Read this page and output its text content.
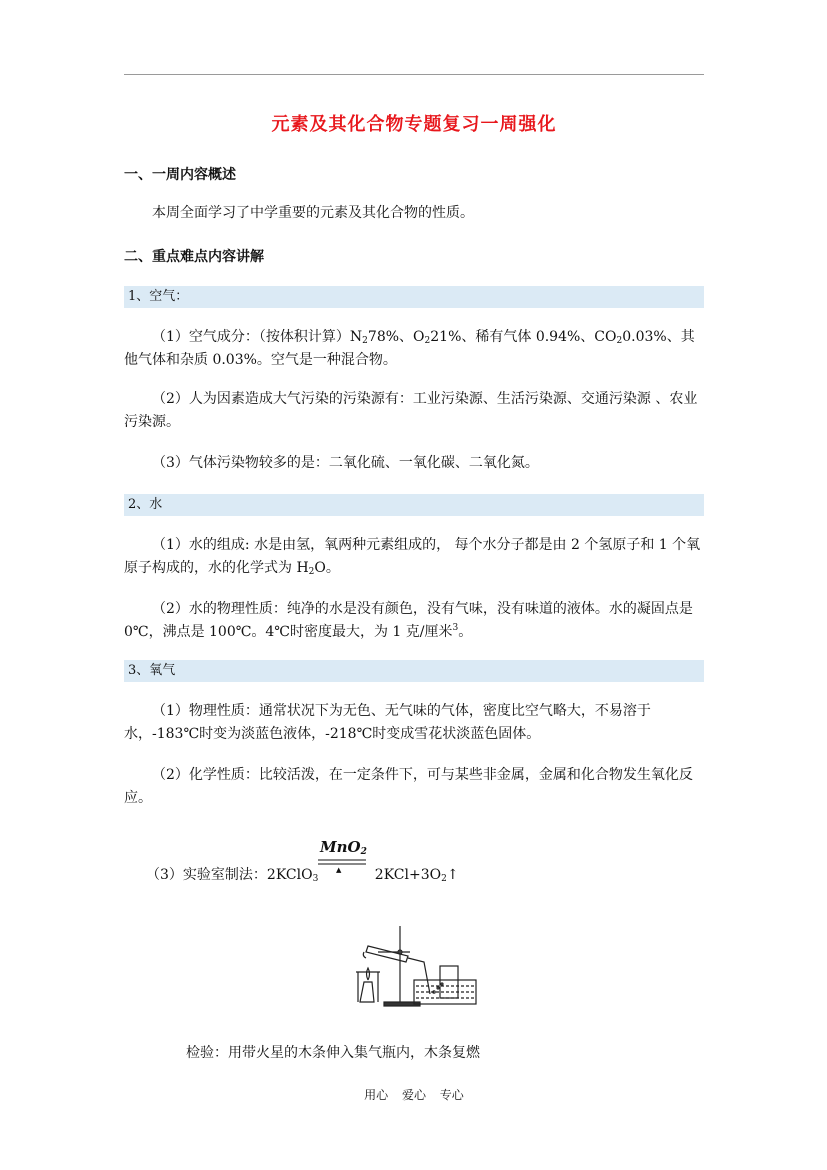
元素及其化合物专题复习一周强化
一、一周内容概述
本周全面学习了中学重要的元素及其化合物的性质。
二、重点难点内容讲解
1、空气：
（1）空气成分：（按体积计算）$N_278\%$、$O_221\%$、稀有气体 0.94%、$CO_20.03\%$、其他气体和杂质 0.03%。空气是一种混合物。
（2）人为因素造成大气污染的污染源有：工业污染源、生活污染源、交通污染源 、农业污染源。
（3）气体污染物较多的是：二氧化硫、一氧化碳、二氧化氮。
2、水
（1）水的组成: 水是由氢，氧两种元素组成的， 每个水分子都是由 2 个氢原子和 1 个氧原子构成的，水的化学式为 $H_2O$。
（2）水的物理性质：纯净的水是没有颜色，没有气味，没有味道的液体。水的凝固点是 0℃，沸点是 100℃。4℃时密度最大，为 1 克/厘米$^3$。
3、氧气
（1）物理性质：通常状况下为无色、无气味的气体，密度比空气略大，不易溶于水，-183℃时变为淡蓝色液体，-218℃时变成雪花状淡蓝色固体。
（2）化学性质：比较活泼，在一定条件下，可与某些非金属，金属和化合物发生氧化反应。
MnO$_2$
▲
（3）实验室制法：2KClO$_3$	$2KCl+3O_2↑$
检验：用带火星的木条伸入集气瓶内，木条复燃
用心 爱心 专心
